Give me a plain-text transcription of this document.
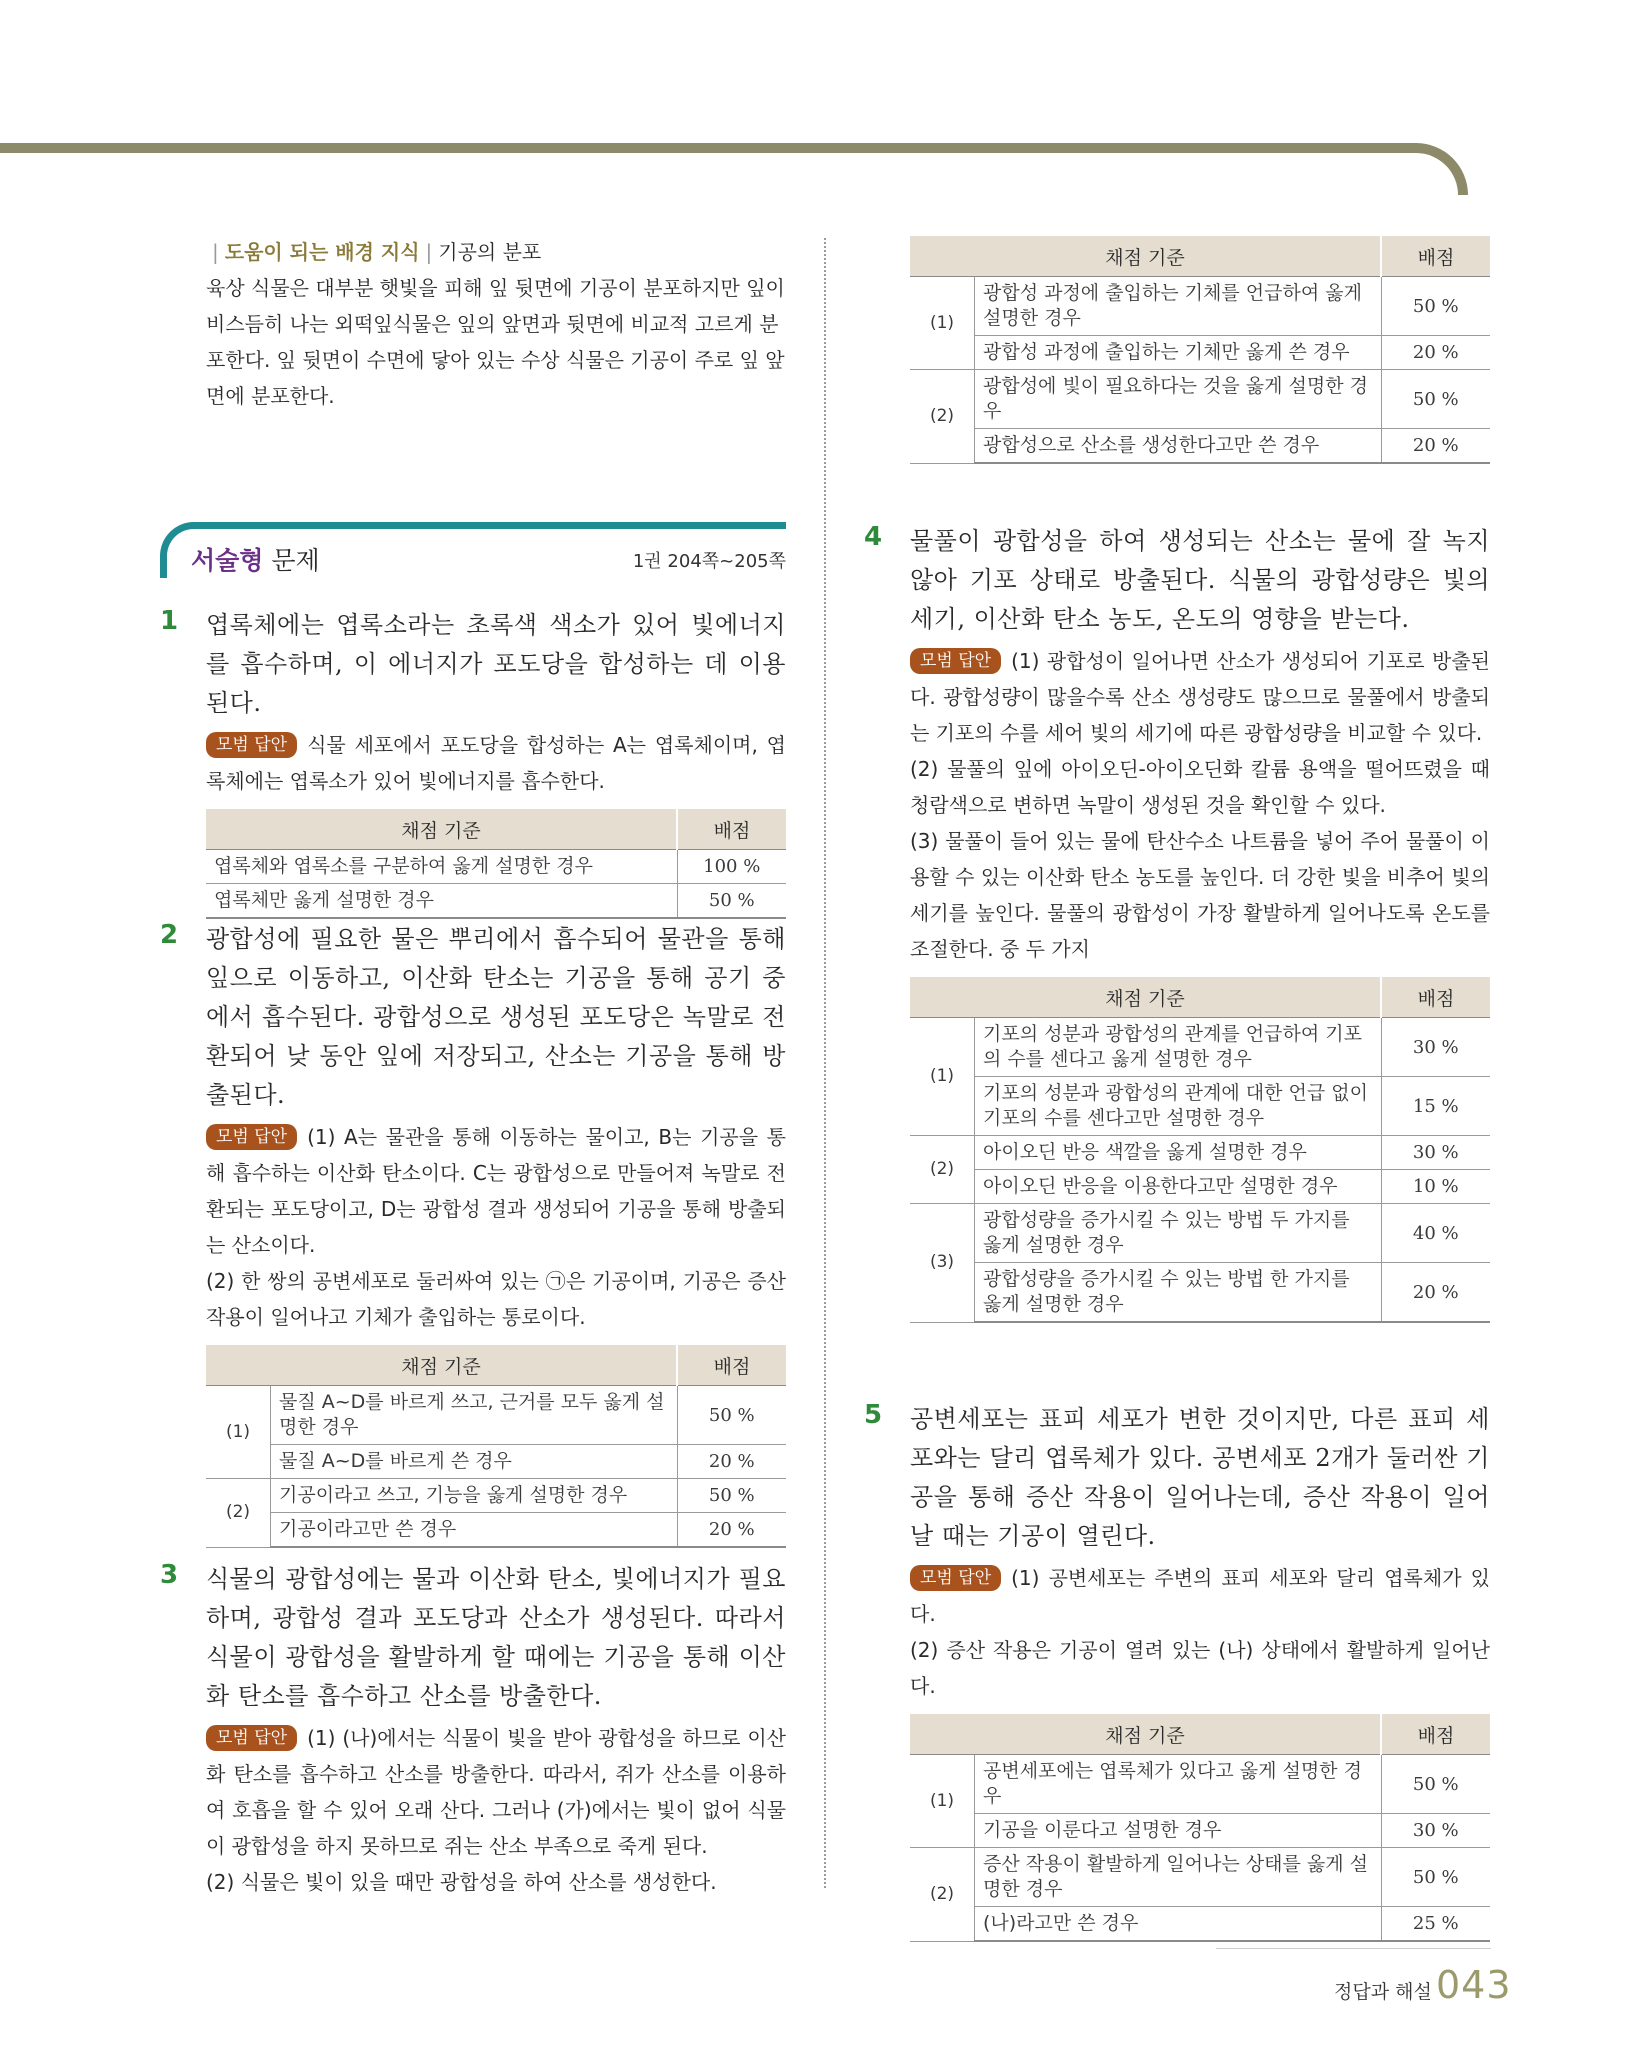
| 도움이 되는 배경 지식 | 기공의 분포
육상 식물은 대부분 햇빛을 피해 잎 뒷면에 기공이 분포하지만 잎이 비스듬히 나는 외떡잎식물은 잎의 앞면과 뒷면에 비교적 고르게 분포한다. 잎 뒷면이 수면에 닿아 있는 수상 식물은 기공이 주로 잎 앞면에 분포한다.
서술형 문제	1권 204쪽~205쪽
1 엽록체에는 엽록소라는 초록색 색소가 있어 빛에너지를 흡수하며, 이 에너지가 포도당을 합성하는 데 이용된다.

모범 답안 식물 세포에서 포도당을 합성하는 A는 엽록체이며, 엽록체에는 엽록소가 있어 빛에너지를 흡수한다.

채점 기준	배점
엽록체와 엽록소를 구분하여 옳게 설명한 경우	100 %
엽록체만 옳게 설명한 경우	50 %
2 광합성에 필요한 물은 뿌리에서 흡수되어 물관을 통해 잎으로 이동하고, 이산화 탄소는 기공을 통해 공기 중에서 흡수된다. 광합성으로 생성된 포도당은 녹말로 전환되어 낮 동안 잎에 저장되고, 산소는 기공을 통해 방출된다.

모범 답안 (1) A는 물관을 통해 이동하는 물이고, B는 기공을 통해 흡수하는 이산화 탄소이다. C는 광합성으로 만들어져 녹말로 전환되는 포도당이고, D는 광합성 결과 생성되어 기공을 통해 방출되는 산소이다.

(2) 한 쌍의 공변세포로 둘러싸여 있는 ㉠은 기공이며, 기공은 증산 작용이 일어나고 기체가 출입하는 통로이다.

채점 기준		배점
(1)	물질 A~D를 바르게 쓰고, 근거를 모두 옳게 설명한 경우	50 %
	물질 A~D를 바르게 쓴 경우	20 %
(2)	기공이라고 쓰고, 기능을 옳게 설명한 경우	50 %
	기공이라고만 쓴 경우	20 %
3 식물의 광합성에는 물과 이산화 탄소, 빛에너지가 필요하며, 광합성 결과 포도당과 산소가 생성된다. 따라서 식물이 광합성을 활발하게 할 때에는 기공을 통해 이산화 탄소를 흡수하고 산소를 방출한다.

모범 답안 (1) (나)에서는 식물이 빛을 받아 광합성을 하므로 이산화 탄소를 흡수하고 산소를 방출한다. 따라서, 쥐가 산소를 이용하여 호흡을 할 수 있어 오래 산다. 그러나 (가)에서는 빛이 없어 식물이 광합성을 하지 못하므로 쥐는 산소 부족으로 죽게 된다.

(2) 식물은 빛이 있을 때만 광합성을 하여 산소를 생성한다.

채점 기준		배점
(1)	광합성 과정에 출입하는 기체를 언급하여 옳게 설명한 경우	50 %
	광합성 과정에 출입하는 기체만 옳게 쓴 경우	20 %
(2)	광합성에 빛이 필요하다는 것을 옳게 설명한 경우	50 %
	광합성으로 산소를 생성한다고만 쓴 경우	20 %
4 물풀이 광합성을 하여 생성되는 산소는 물에 잘 녹지 않아 기포 상태로 방출된다. 식물의 광합성량은 빛의 세기, 이산화 탄소 농도, 온도의 영향을 받는다.

모범 답안 (1) 광합성이 일어나면 산소가 생성되어 기포로 방출된다. 광합성량이 많을수록 산소 생성량도 많으므로 물풀에서 방출되는 기포의 수를 세어 빛의 세기에 따른 광합성량을 비교할 수 있다.

(2) 물풀의 잎에 아이오딘-아이오딘화 칼륨 용액을 떨어뜨렸을 때 청람색으로 변하면 녹말이 생성된 것을 확인할 수 있다.

(3) 물풀이 들어 있는 물에 탄산수소 나트륨을 넣어 주어 물풀이 이용할 수 있는 이산화 탄소 농도를 높인다. 더 강한 빛을 비추어 빛의 세기를 높인다. 물풀의 광합성이 가장 활발하게 일어나도록 온도를 조절한다. 중 두 가지

채점 기준		배점
(1)	기포의 성분과 광합성의 관계를 언급하여 기포의 수를 센다고 옳게 설명한 경우	30 %
	기포의 성분과 광합성의 관계에 대한 언급 없이 기포의 수를 센다고만 설명한 경우	15 %
(2)	아이오딘 반응 색깔을 옳게 설명한 경우	30 %
	아이오딘 반응을 이용한다고만 설명한 경우	10 %
(3)	광합성량을 증가시킬 수 있는 방법 두 가지를 옳게 설명한 경우	40 %
	광합성량을 증가시킬 수 있는 방법 한 가지를 옳게 설명한 경우	20 %
5 공변세포는 표피 세포가 변한 것이지만, 다른 표피 세포와는 달리 엽록체가 있다. 공변세포 2개가 둘러싼 기공을 통해 증산 작용이 일어나는데, 증산 작용이 일어날 때는 기공이 열린다.

모범 답안 (1) 공변세포는 주변의 표피 세포와 달리 엽록체가 있다.

(2) 증산 작용은 기공이 열려 있는 (나) 상태에서 활발하게 일어난다.

채점 기준		배점
(1)	공변세포에는 엽록체가 있다고 옳게 설명한 경우	50 %
	기공을 이룬다고 설명한 경우	30 %
(2)	증산 작용이 활발하게 일어나는 상태를 옳게 설명한 경우	50 %
	(나)라고만 쓴 경우	25 %
정답과 해설 043
